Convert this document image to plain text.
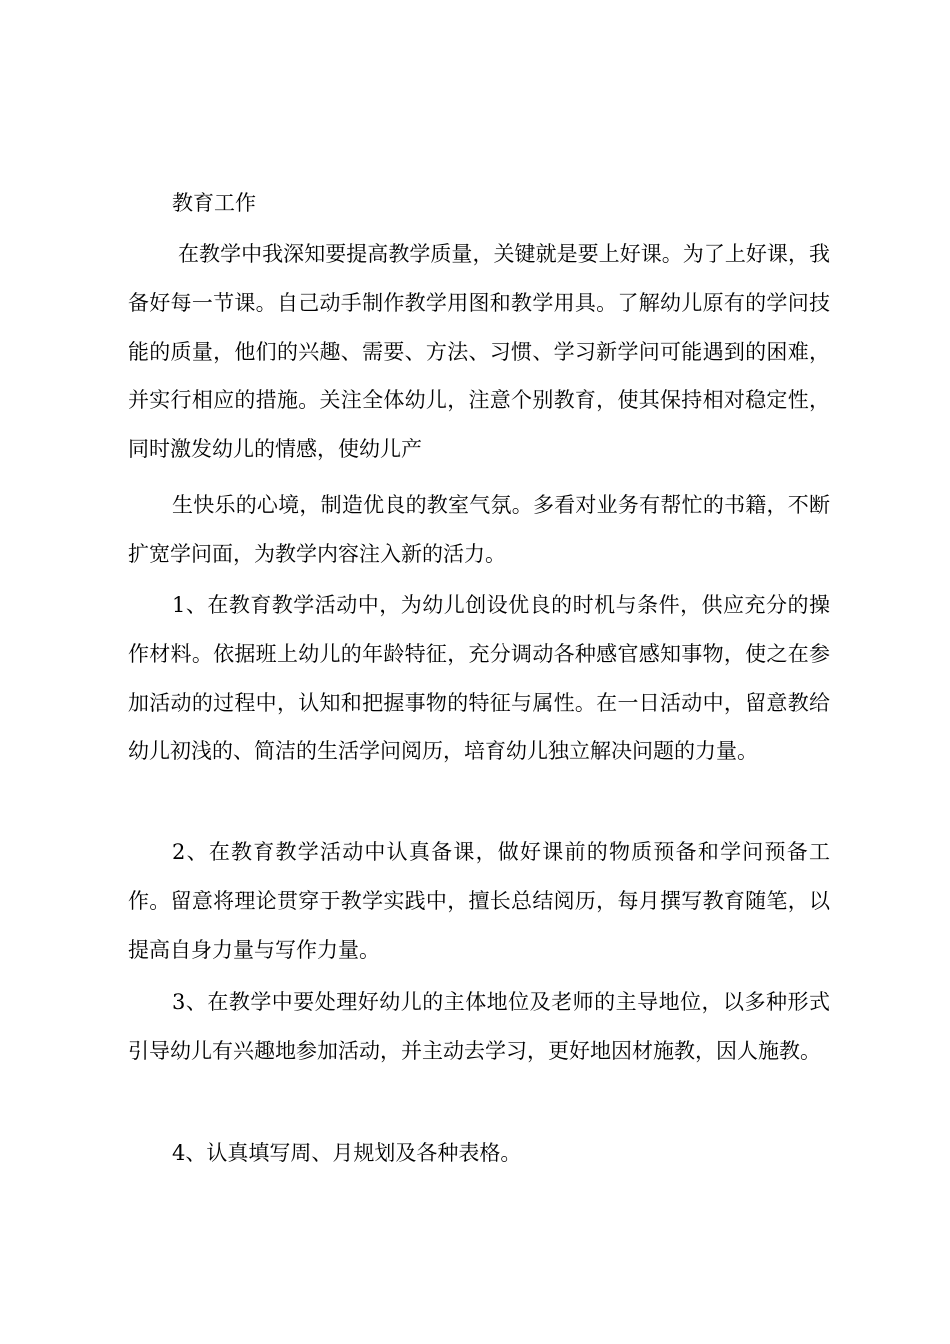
教育工作

在教学中我深知要提高教学质量，关键就是要上好课。为了上好课，我备好每一节课。自己动手制作教学用图和教学用具。了解幼儿原有的学问技能的质量，他们的兴趣、需要、方法、习惯、学习新学问可能遇到的困难，并实行相应的措施。关注全体幼儿，注意个别教育，使其保持相对稳定性，同时激发幼儿的情感，使幼儿产

生快乐的心境，制造优良的教室气氛。多看对业务有帮忙的书籍，不断扩宽学问面，为教学内容注入新的活力。

1、在教育教学活动中，为幼儿创设优良的时机与条件，供应充分的操作材料。依据班上幼儿的年龄特征，充分调动各种感官感知事物，使之在参加活动的过程中，认知和把握事物的特征与属性。在一日活动中，留意教给幼儿初浅的、简洁的生活学问阅历，培育幼儿独立解决问题的力量。

2、在教育教学活动中认真备课，做好课前的物质预备和学问预备工作。留意将理论贯穿于教学实践中，擅长总结阅历，每月撰写教育随笔，以提高自身力量与写作力量。

3、在教学中要处理好幼儿的主体地位及老师的主导地位，以多种形式引导幼儿有兴趣地参加活动，并主动去学习，更好地因材施教，因人施教。

4、认真填写周、月规划及各种表格。
